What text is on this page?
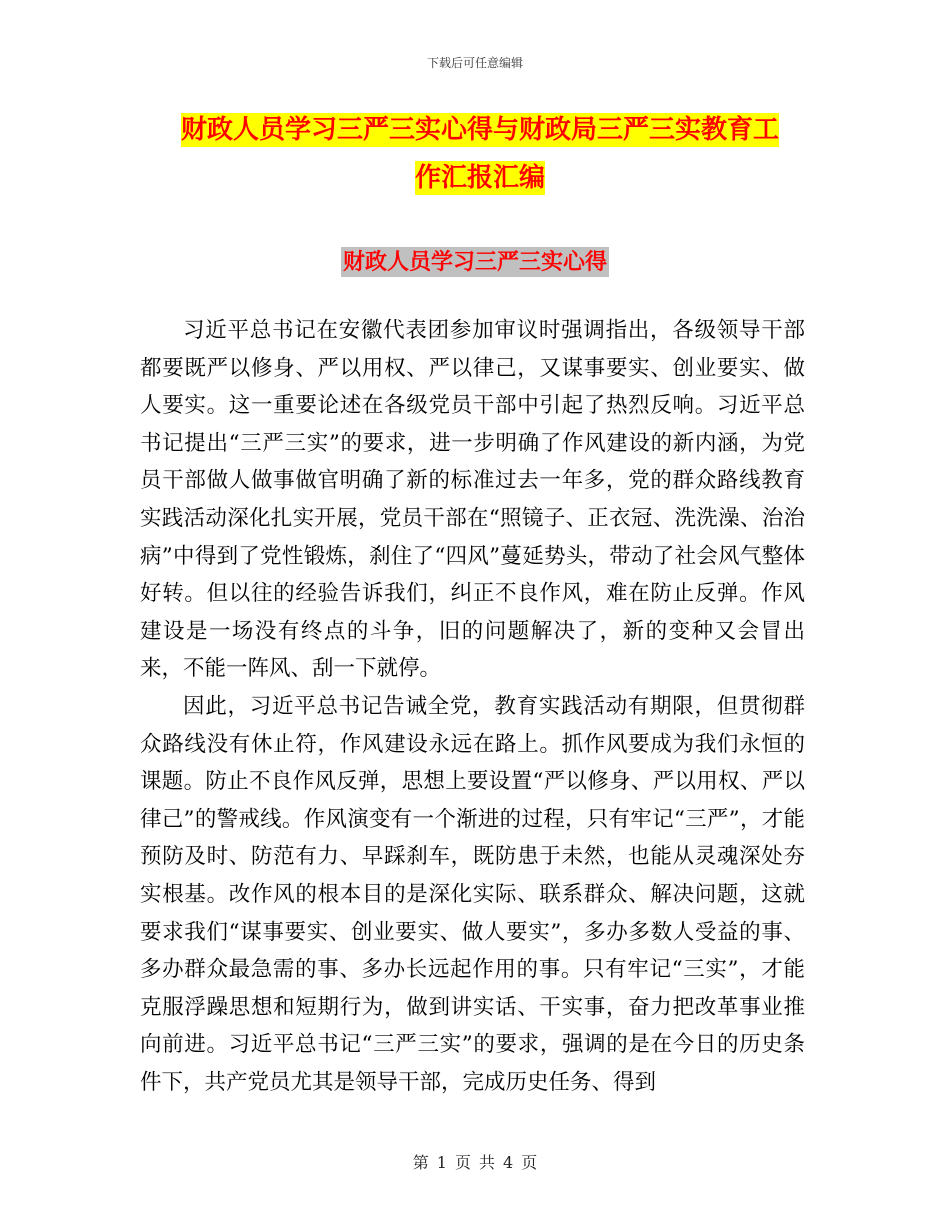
下载后可任意编辑
财政人员学习三严三实心得与财政局三严三实教育工
作汇报汇编
财政人员学习三严三实心得

习近平总书记在安徽代表团参加审议时强调指出，各级领导干部都要既严以修身、严以用权、严以律己，又谋事要实、创业要实、做人要实。这一重要论述在各级党员干部中引起了热烈反响。习近平总书记提出“三严三实”的要求，进一步明确了作风建设的新内涵，为党员干部做人做事做官明确了新的标准过去一年多，党的群众路线教育实践活动深化扎实开展，党员干部在“照镜子、正衣冠、洗洗澡、治治病”中得到了党性锻炼，刹住了“四风”蔓延势头，带动了社会风气整体好转。但以往的经验告诉我们，纠正不良作风，难在防止反弹。作风建设是一场没有终点的斗争，旧的问题解决了，新的变种又会冒出来，不能一阵风、刮一下就停。

因此，习近平总书记告诫全党，教育实践活动有期限，但贯彻群众路线没有休止符，作风建设永远在路上。抓作风要成为我们永恒的课题。防止不良作风反弹，思想上要设置“严以修身、严以用权、严以律己”的警戒线。作风演变有一个渐进的过程，只有牢记“三严”，才能预防及时、防范有力、早踩刹车，既防患于未然，也能从灵魂深处夯实根基。改作风的根本目的是深化实际、联系群众、解决问题，这就要求我们“谋事要实、创业要实、做人要实”，多办多数人受益的事、多办群众最急需的事、多办长远起作用的事。只有牢记“三实”，才能克服浮躁思想和短期行为，做到讲实话、干实事，奋力把改革事业推向前进。习近平总书记“三严三实”的要求，强调的是在今日的历史条件下，共产党员尤其是领导干部，完成历史任务、得到

第 1 页 共 4 页
